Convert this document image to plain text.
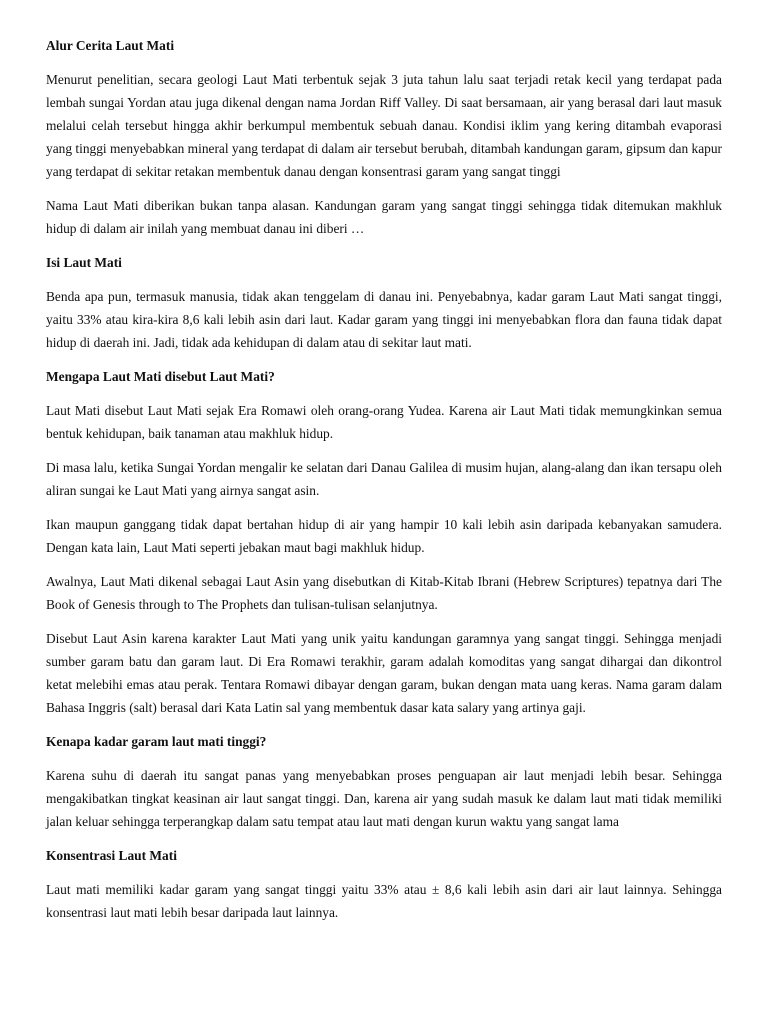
Alur Cerita Laut Mati
Menurut penelitian, secara geologi Laut Mati terbentuk sejak 3 juta tahun lalu saat terjadi retak kecil yang terdapat pada lembah sungai Yordan atau juga dikenal dengan nama Jordan Riff Valley. Di saat bersamaan, air yang berasal dari laut masuk melalui celah tersebut hingga akhir berkumpul membentuk sebuah danau. Kondisi iklim yang kering ditambah evaporasi yang tinggi menyebabkan mineral yang terdapat di dalam air tersebut berubah, ditambah kandungan garam, gipsum dan kapur yang terdapat di sekitar retakan membentuk danau dengan konsentrasi garam yang sangat tinggi
Nama Laut Mati diberikan bukan tanpa alasan. Kandungan garam yang sangat tinggi sehingga tidak ditemukan makhluk hidup di dalam air inilah yang membuat danau ini diberi …
Isi Laut Mati
Benda apa pun, termasuk manusia, tidak akan tenggelam di danau ini. Penyebabnya, kadar garam Laut Mati sangat tinggi, yaitu 33% atau kira-kira 8,6 kali lebih asin dari laut. Kadar garam yang tinggi ini menyebabkan flora dan fauna tidak dapat hidup di daerah ini. Jadi, tidak ada kehidupan di dalam atau di sekitar laut mati.
Mengapa Laut Mati disebut Laut Mati?
Laut Mati disebut Laut Mati sejak Era Romawi oleh orang-orang Yudea. Karena air Laut Mati tidak memungkinkan semua bentuk kehidupan, baik tanaman atau makhluk hidup.
Di masa lalu, ketika Sungai Yordan mengalir ke selatan dari Danau Galilea di musim hujan, alang-alang dan ikan tersapu oleh aliran sungai ke Laut Mati yang airnya sangat asin.
Ikan maupun ganggang tidak dapat bertahan hidup di air yang hampir 10 kali lebih asin daripada kebanyakan samudera. Dengan kata lain, Laut Mati seperti jebakan maut bagi makhluk hidup.
Awalnya, Laut Mati dikenal sebagai Laut Asin yang disebutkan di Kitab-Kitab Ibrani (Hebrew Scriptures) tepatnya dari The Book of Genesis through to The Prophets dan tulisan-tulisan selanjutnya.
Disebut Laut Asin karena karakter Laut Mati yang unik yaitu kandungan garamnya yang sangat tinggi. Sehingga menjadi sumber garam batu dan garam laut. Di Era Romawi terakhir, garam adalah komoditas yang sangat dihargai dan dikontrol ketat melebihi emas atau perak. Tentara Romawi dibayar dengan garam, bukan dengan mata uang keras. Nama garam dalam Bahasa Inggris (salt) berasal dari Kata Latin sal yang membentuk dasar kata salary yang artinya gaji.
Kenapa kadar garam laut mati tinggi?
Karena suhu di daerah itu sangat panas yang menyebabkan proses penguapan air laut menjadi lebih besar. Sehingga mengakibatkan tingkat keasinan air laut sangat tinggi. Dan, karena air yang sudah masuk ke dalam laut mati tidak memiliki jalan keluar sehingga terperangkap dalam satu tempat atau laut mati dengan kurun waktu yang sangat lama
Konsentrasi Laut Mati
Laut mati memiliki kadar garam yang sangat tinggi yaitu 33% atau ± 8,6 kali lebih asin dari air laut lainnya. Sehingga konsentrasi laut mati lebih besar daripada laut lainnya.
